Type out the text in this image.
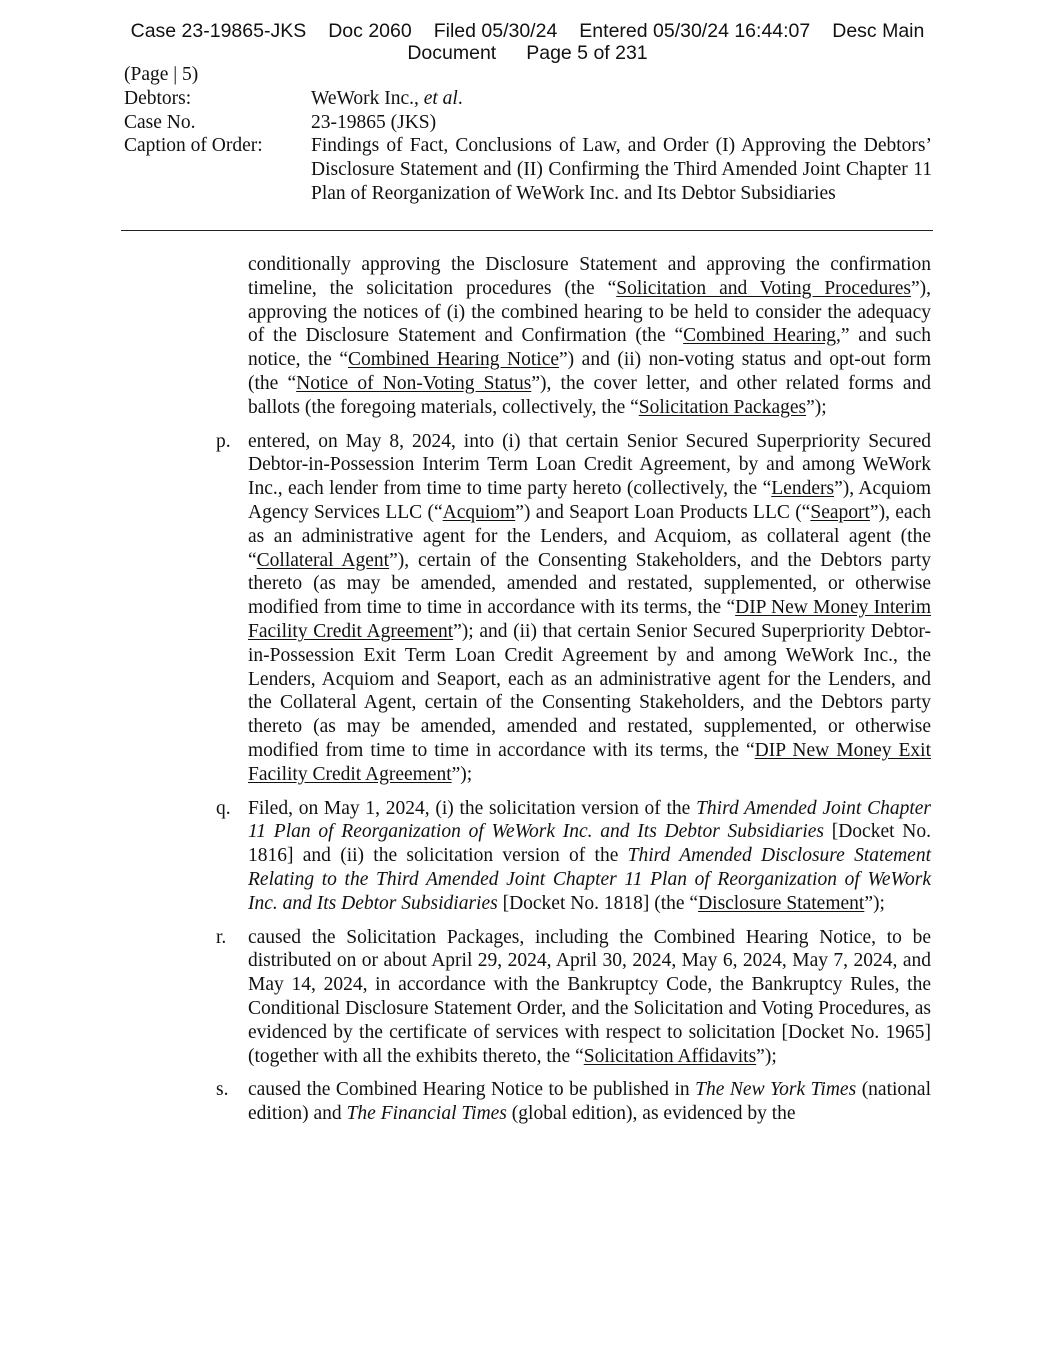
Case 23-19865-JKS Doc 2060 Filed 05/30/24 Entered 05/30/24 16:44:07 Desc Main
Document Page 5 of 231
(Page | 5)
Debtors:	WeWork Inc., et al.
Case No.	23-19865 (JKS)
Caption of Order:	Findings of Fact, Conclusions of Law, and Order (I) Approving the Debtors’ Disclosure Statement and (II) Confirming the Third Amended Joint Chapter 11 Plan of Reorganization of WeWork Inc. and Its Debtor Subsidiaries

conditionally approving the Disclosure Statement and approving the confirmation timeline, the solicitation procedures (the “Solicitation and Voting Procedures”), approving the notices of (i) the combined hearing to be held to consider the adequacy of the Disclosure Statement and Confirmation (the “Combined Hearing,” and such notice, the “Combined Hearing Notice”) and (ii) non-voting status and opt-out form (the “Notice of Non-Voting Status”), the cover letter, and other related forms and ballots (the foregoing materials, collectively, the “Solicitation Packages”);

p. entered, on May 8, 2024, into (i) that certain Senior Secured Superpriority Secured Debtor-in-Possession Interim Term Loan Credit Agreement, by and among WeWork Inc., each lender from time to time party hereto (collectively, the “Lenders”), Acquiom Agency Services LLC (“Acquiom”) and Seaport Loan Products LLC (“Seaport”), each as an administrative agent for the Lenders, and Acquiom, as collateral agent (the “Collateral Agent”), certain of the Consenting Stakeholders, and the Debtors party thereto (as may be amended, amended and restated, supplemented, or otherwise modified from time to time in accordance with its terms, the “DIP New Money Interim Facility Credit Agreement”); and (ii) that certain Senior Secured Superpriority Debtor-in-Possession Exit Term Loan Credit Agreement by and among WeWork Inc., the Lenders, Acquiom and Seaport, each as an administrative agent for the Lenders, and the Collateral Agent, certain of the Consenting Stakeholders, and the Debtors party thereto (as may be amended, amended and restated, supplemented, or otherwise modified from time to time in accordance with its terms, the “DIP New Money Exit Facility Credit Agreement”);

q. Filed, on May 1, 2024, (i) the solicitation version of the Third Amended Joint Chapter 11 Plan of Reorganization of WeWork Inc. and Its Debtor Subsidiaries [Docket No. 1816] and (ii) the solicitation version of the Third Amended Disclosure Statement Relating to the Third Amended Joint Chapter 11 Plan of Reorganization of WeWork Inc. and Its Debtor Subsidiaries [Docket No. 1818] (the “Disclosure Statement”);

r. caused the Solicitation Packages, including the Combined Hearing Notice, to be distributed on or about April 29, 2024, April 30, 2024, May 6, 2024, May 7, 2024, and May 14, 2024, in accordance with the Bankruptcy Code, the Bankruptcy Rules, the Conditional Disclosure Statement Order, and the Solicitation and Voting Procedures, as evidenced by the certificate of services with respect to solicitation [Docket No. 1965] (together with all the exhibits thereto, the “Solicitation Affidavits”);

s. caused the Combined Hearing Notice to be published in The New York Times (national edition) and The Financial Times (global edition), as evidenced by the
